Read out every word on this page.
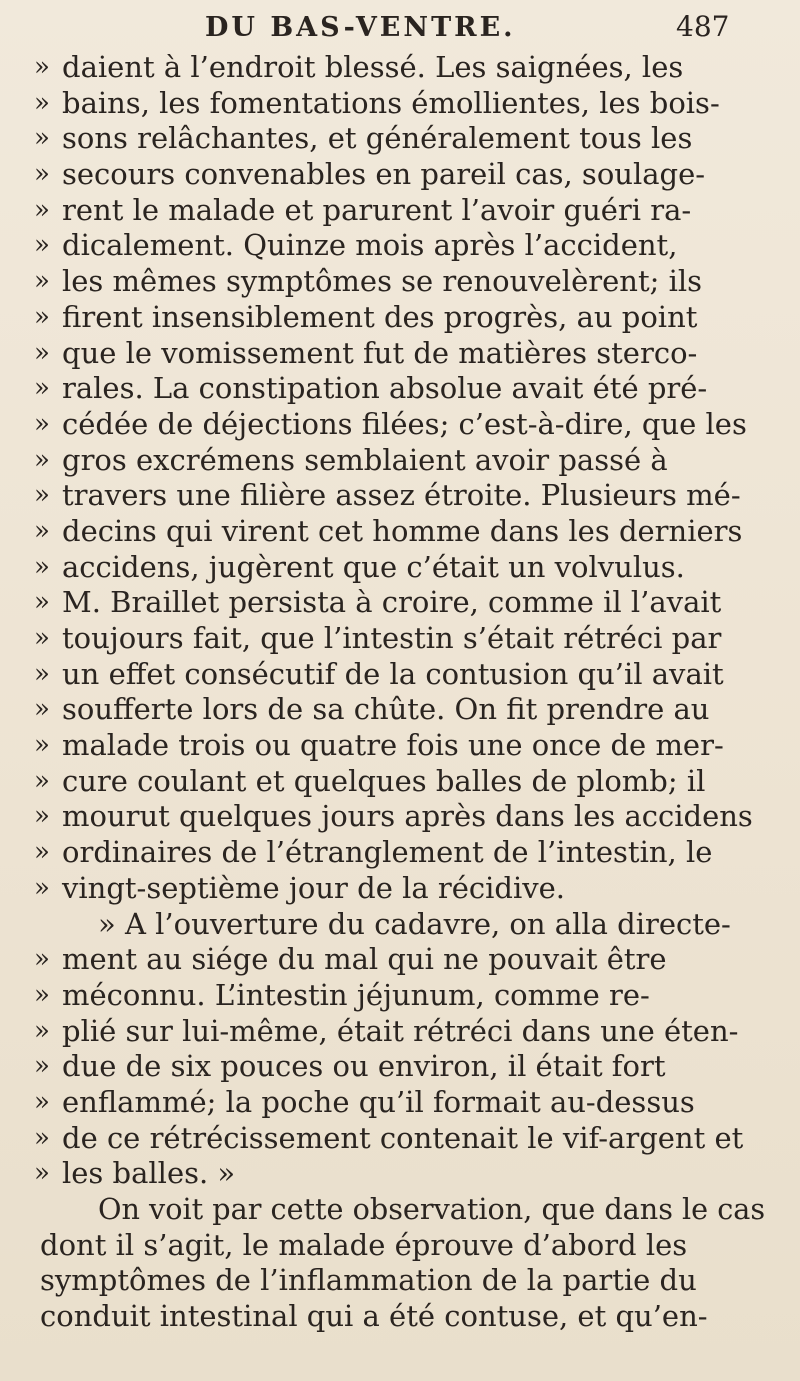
DU BAS-VENTRE.	487
» daient à l’endroit blessé. Les saignées, les
» bains, les fomentations émollientes, les bois-
» sons relâchantes, et généralement tous les
» secours convenables en pareil cas, soulage-
» rent le malade et parurent l’avoir guéri ra-
» dicalement. Quinze mois après l’accident,
» les mêmes symptômes se renouvelèrent; ils
» firent insensiblement des progrès, au point
» que le vomissement fut de matières sterco-
» rales. La constipation absolue avait été pré-
» cédée de déjections filées; c’est-à-dire, que les
» gros excrémens semblaient avoir passé à
» travers une filière assez étroite. Plusieurs mé-
» decins qui virent cet homme dans les derniers
» accidens, jugèrent que c’était un volvulus.
» M. Braillet persista à croire, comme il l’avait
» toujours fait, que l’intestin s’était rétréci par
» un effet consécutif de la contusion qu’il avait
» soufferte lors de sa chûte. On fit prendre au
» malade trois ou quatre fois une once de mer-
» cure coulant et quelques balles de plomb; il
» mourut quelques jours après dans les accidens
» ordinaires de l’étranglement de l’intestin, le
» vingt-septième jour de la récidive.
» A l’ouverture du cadavre, on alla directe-
» ment au siége du mal qui ne pouvait être
» méconnu. L’intestin jéjunum, comme re-
» plié sur lui-même, était rétréci dans une éten-
» due de six pouces ou environ, il était fort
» enflammé; la poche qu’il formait au-dessus
» de ce rétrécissement contenait le vif-argent et
» les balles. »
On voit par cette observation, que dans le cas
dont il s’agit, le malade éprouve d’abord les
symptômes de l’inflammation de la partie du
conduit intestinal qui a été contuse, et qu’en-
